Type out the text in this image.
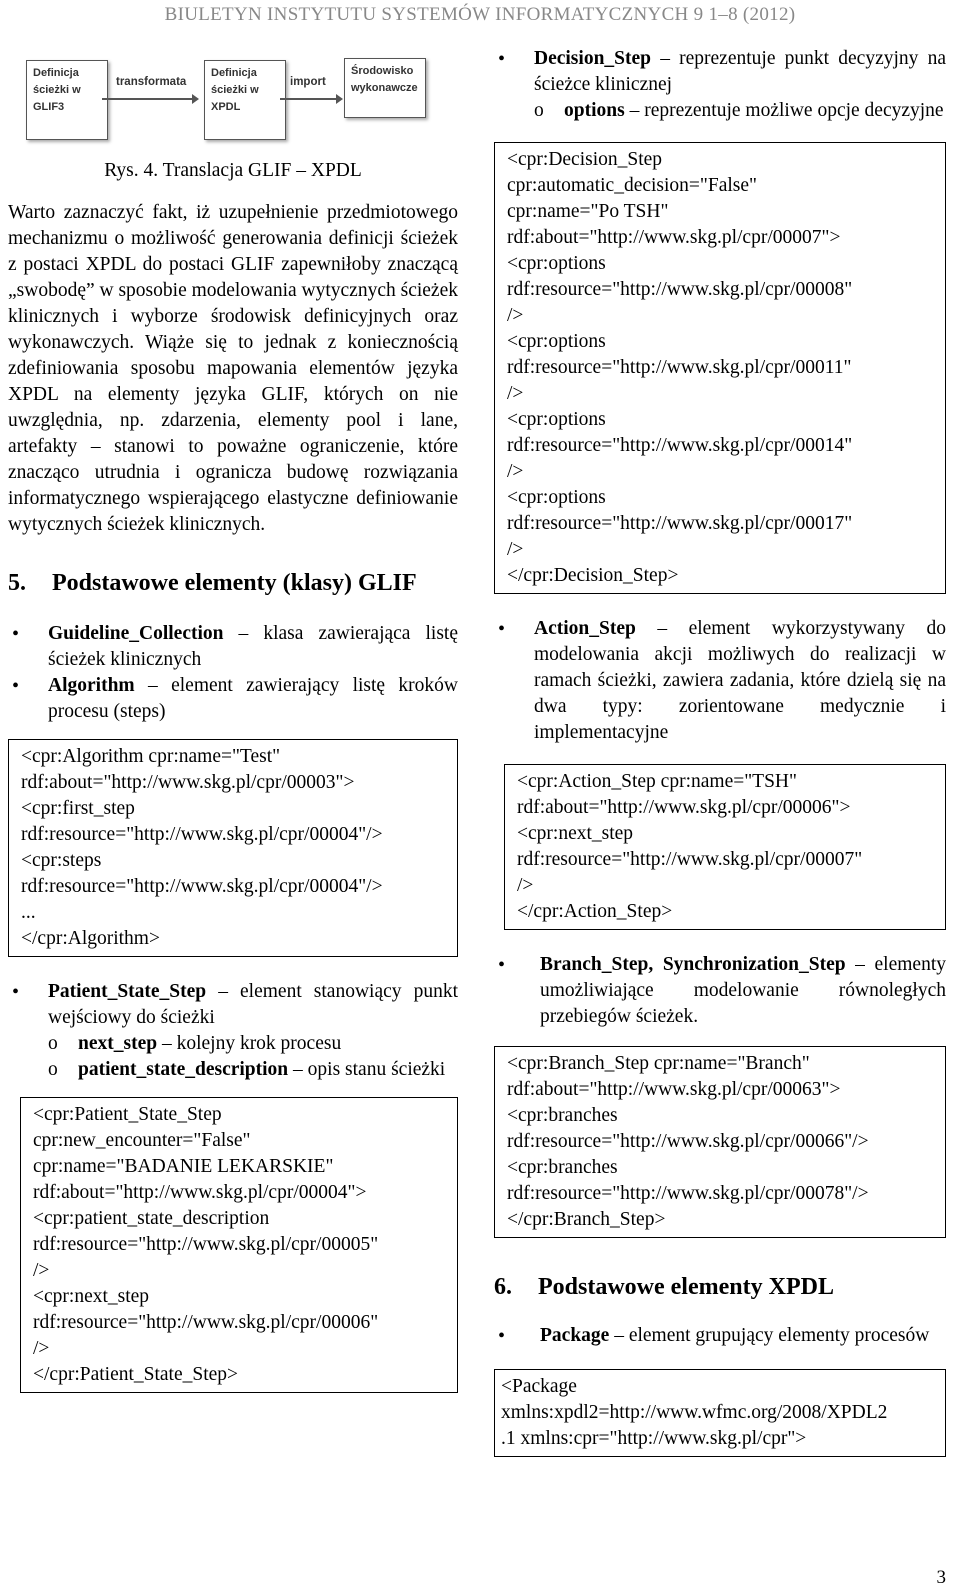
BIULETYN INSTYTUTU SYSTEMÓW INFORMATYCZNYCH 9 1–8 (2012)
Definicja ścieżki w GLIF3
transformata
Definicja ścieżki w XPDL
import
Środowisko wykonawcze
Rys. 4. Translacja GLIF – XPDL

Warto zaznaczyć fakt, iż uzupełnienie przedmiotowego mechanizmu o możliwość generowania definicji ścieżek z postaci XPDL do postaci GLIF zapewniłoby znaczącą „swobodę” w sposobie modelowania wytycznych ścieżek klinicznych i wyborze środowisk definicyjnych oraz wykonawczych. Wiąże się to jednak z koniecznością zdefiniowania sposobu mapowania elementów języka XPDL na elementy języka GLIF, których on nie uwzględnia, np. zdarzenia, elementy pool i lane, artefakty – stanowi to poważne ograniczenie, które znacząco utrudnia i ogranicza budowę rozwiązania informatycznego wspierającego elastyczne definiowanie wytycznych ścieżek klinicznych.

5.	Podstawowe elementy (klasy) GLIF
• Guideline_Collection – klasa zawierająca listę ścieżek klinicznych
• Algorithm – element zawierający listę kroków procesu (steps)
<cpr:Algorithm cpr:name="Test"
rdf:about="http://www.skg.pl/cpr/00003">
<cpr:first_step
rdf:resource="http://www.skg.pl/cpr/00004"/>
<cpr:steps
rdf:resource="http://www.skg.pl/cpr/00004"/>
...
</cpr:Algorithm>
• Patient_State_Step – element stanowiący punkt wejściowy do ścieżki
o next_step – kolejny krok procesu
o patient_state_description – opis stanu ścieżki
<cpr:Patient_State_Step
cpr:new_encounter="False"
cpr:name="BADANIE LEKARSKIE"
rdf:about="http://www.skg.pl/cpr/00004">
<cpr:patient_state_description
rdf:resource="http://www.skg.pl/cpr/00005"
/>
<cpr:next_step
rdf:resource="http://www.skg.pl/cpr/00006"
/>
</cpr:Patient_State_Step>
• Decision_Step – reprezentuje punkt decyzyjny na ścieżce klinicznej
o options – reprezentuje możliwe opcje decyzyjne
<cpr:Decision_Step
cpr:automatic_decision="False"
cpr:name="Po TSH"
rdf:about="http://www.skg.pl/cpr/00007">
<cpr:options
rdf:resource="http://www.skg.pl/cpr/00008"
/>
<cpr:options
rdf:resource="http://www.skg.pl/cpr/00011"
/>
<cpr:options
rdf:resource="http://www.skg.pl/cpr/00014"
/>
<cpr:options
rdf:resource="http://www.skg.pl/cpr/00017"
/>
</cpr:Decision_Step>
• Action_Step – element wykorzystywany do modelowania akcji możliwych do realizacji w ramach ścieżki, zawiera zadania, które dzielą się na dwa typy: zorientowane medycznie i implementacyjne
<cpr:Action_Step cpr:name="TSH"
rdf:about="http://www.skg.pl/cpr/00006">
<cpr:next_step
rdf:resource="http://www.skg.pl/cpr/00007"
/>
</cpr:Action_Step>
• Branch_Step, Synchronization_Step – elementy umożliwiające modelowanie równoległych przebiegów ścieżek.
<cpr:Branch_Step cpr:name="Branch"
rdf:about="http://www.skg.pl/cpr/00063">
<cpr:branches
rdf:resource="http://www.skg.pl/cpr/00066"/>
<cpr:branches
rdf:resource="http://www.skg.pl/cpr/00078"/>
</cpr:Branch_Step>
6.	Podstawowe elementy XPDL
• Package – element grupujący elementy procesów
<Package
xmlns:xpdl2=http://www.wfmc.org/2008/XPDL2
.1 xmlns:cpr="http://www.skg.pl/cpr">
3
